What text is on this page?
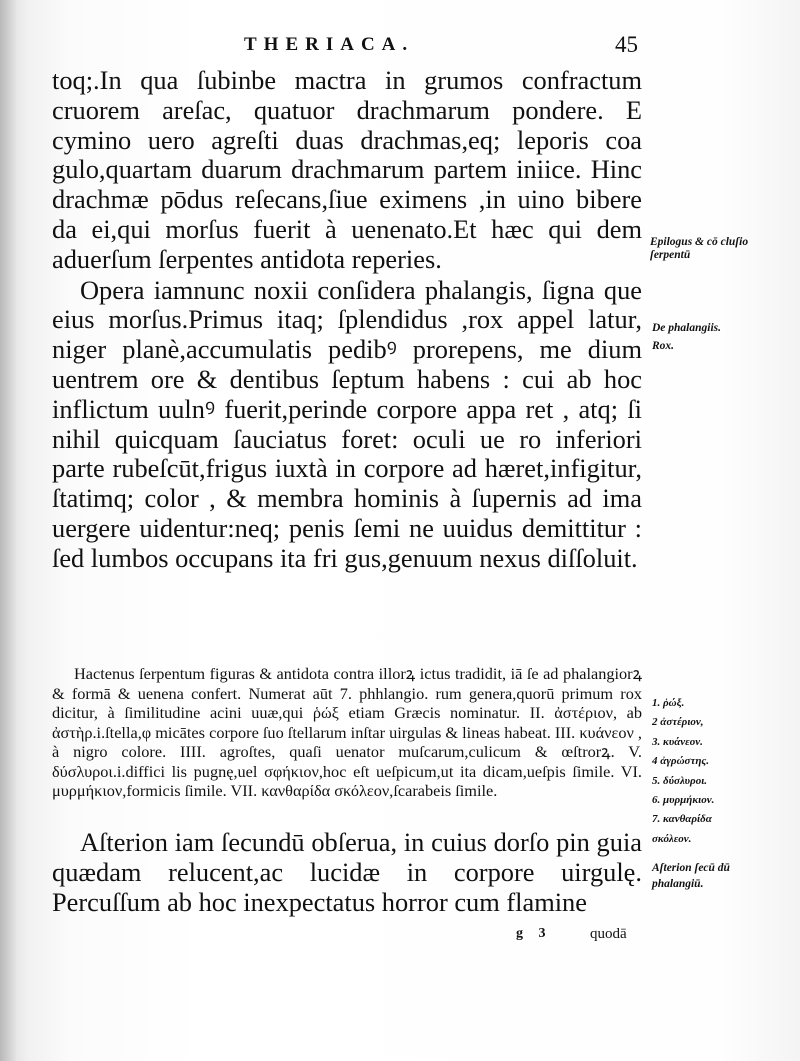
THERIACA.	45

toq;.In qua ſubinbe mactra in grumos confractum cruorem areſac, quatuor drachmarum pondere. E cymino uero agreſti duas drachmas,eq; leporis coa gulo,quartam duarum drachmarum partem iniice. Hinc drachmæ pōdus reſecans,ſiue eximens ,in uino bibere da ei,qui morſus fuerit à uenenato.Et hæc qui dem aduerſum ſerpentes antidota reperies.

Opera iamnunc noxii conſidera phalangis, ſigna que eius morſus.Primus itaq; ſplendidus ,rox appel latur, niger planè,accumulatis pedibꝰ prorepens, me dium uentrem ore & dentibus ſeptum habens : cui ab hoc inflictum uulnꝰ fuerit,perinde corpore appa ret , atq; ſi nihil quicquam ſauciatus foret: oculi ue ro inferiori parte rubeſcūt,frigus iuxtà in corpore ad hæret,infigitur, ſtatimq; color , & membra hominis à ſupernis ad ima uergere uidentur:neq; penis ſemi ne uuidus demittitur : ſed lumbos occupans ita fri gus,genuum nexus diſſoluit.

Hactenus ſerpentum figuras & antidota contra illorꝝ ictus tradidit, iā ſe ad phalangiorꝝ & formā & uenena confert. Numerat aūt 7. phhlangio. rum genera,quorū primum rox dicitur, à ſimilitudine acini uuæ,qui ῥώξ etiam Græcis nominatur. II. ἀστέριον, ab ἀστὴρ.i.ſtella,φ micātes corpore ſuo ſtellarum inſtar uirgulas & lineas habeat. III. κυάνεον , à nigro colore. IIII. agroſtes, quaſi uenator muſcarum,culicum & œſtrorꝝ. V. δύσλυροι.i.diffici lis pugnę,uel σφήκιον,hoc eſt ueſpicum,ut ita dicam,ueſpis ſimile. VI. μυρμήκιον,formicis ſimile. VII. κανθαρίδα σκόλεον,ſcarabeis ſimile.

Aſterion iam ſecundū obſerua, in cuius dorſo pin guia quædam relucent,ac lucidæ in corpore uirgulę. Percuſſum ab hoc inexpectatus horror cum flamine

Epilogus & cō cluſio ſerpentū
De phalangiis.
Rox.
1. ῥώξ.
2 ἀστέριον,
3. κυάνεον.
4 ἀγρώστης.
5. δύσλυροι.
6. μυρμήκιον.
7. κανθαρίδα
σκόλεον.
Aſterion ſecū dū phalangiū.
g 3	quodā
